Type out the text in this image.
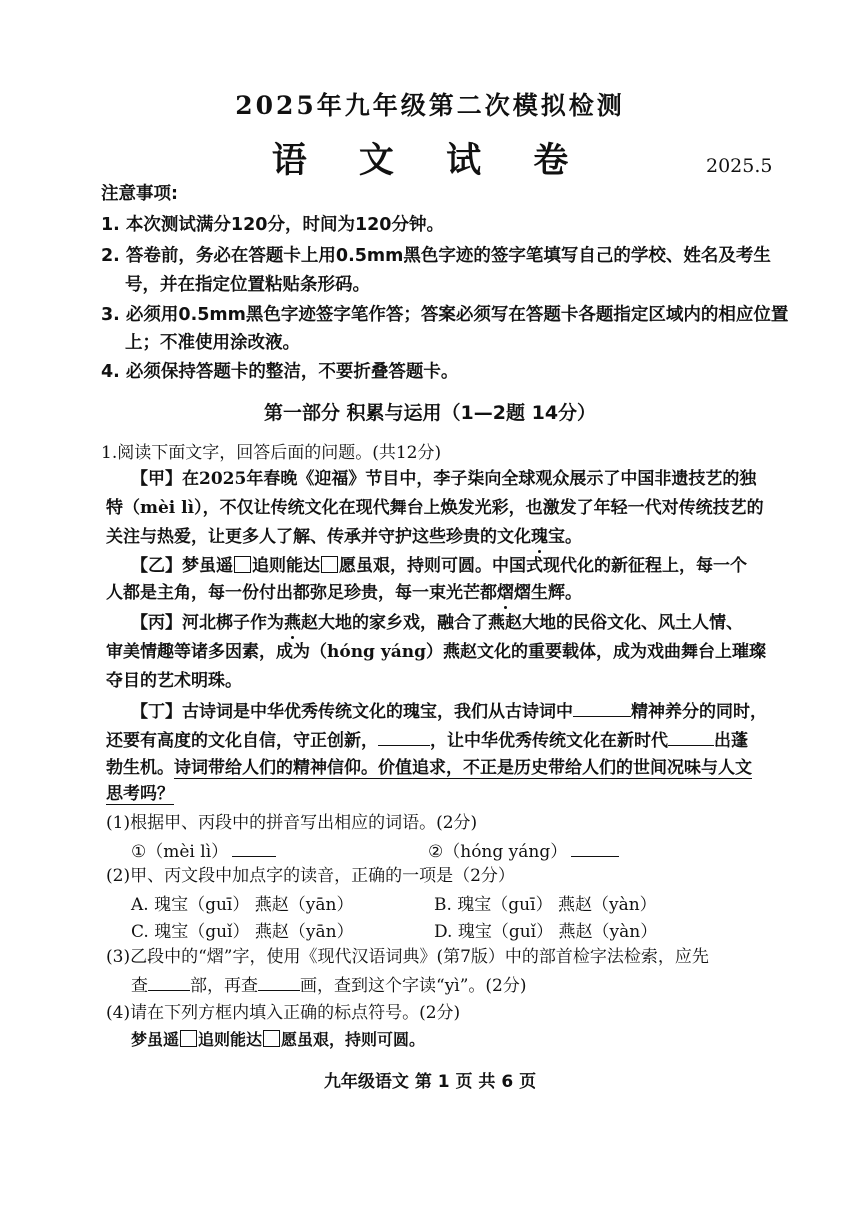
2025年九年级第二次模拟检测
语 文 试 卷	2025.5
注意事项:
1. 本次测试满分120分，时间为120分钟。
2. 答卷前，务必在答题卡上用0.5mm黑色字迹的签字笔填写自己的学校、姓名及考生
号，并在指定位置粘贴条形码。
3. 必须用0.5mm黑色字迹签字笔作答；答案必须写在答题卡各题指定区域内的相应位置
上；不准使用涂改液。
4. 必须保持答题卡的整洁，不要折叠答题卡。
第一部分 积累与运用（1—2题 14分）
1.阅读下面文字，回答后面的问题。(共12分)
【甲】在2025年春晚《迎福》节目中，李子柒向全球观众展示了中国非遗技艺的独
特（mèi lì），不仅让传统文化在现代舞台上焕发光彩，也激发了年轻一代对传统技艺的
关注与热爱，让更多人了解、传承并守护这些珍贵的文化瑰宝。
【乙】梦虽遥 追则能达 愿虽艰，持则可圆。中国式现代化的新征程上，每一个
人都是主角，每一份付出都弥足珍贵，每一束光芒都熠熠生辉。
【丙】河北梆子作为燕赵大地的家乡戏，融合了燕赵大地的民俗文化、风土人情、
审美情趣等诸多因素，成为（hóng yáng）燕赵文化的重要载体，成为戏曲舞台上璀璨
夺目的艺术明珠。
【丁】古诗词是中华优秀传统文化的瑰宝，我们从古诗词中	精神养分的同时，
还要有高度的文化自信，守正创新，	，让中华优秀传统文化在新时代	出蓬
勃生机。诗词带给人们的精神信仰。价值追求，不正是历史带给人们的世间况味与人文
思考吗？
(1)根据甲、丙段中的拼音写出相应的词语。(2分)
①（mèi lì）	②（hóng yáng）
(2)甲、丙文段中加点字的读音，正确的一项是（2分）
A. 瑰宝（guī） 燕赵（yān）	B. 瑰宝（guī） 燕赵（yàn）
C. 瑰宝（guǐ） 燕赵（yān）	D. 瑰宝（guǐ） 燕赵（yàn）
(3)乙段中的“熠”字，使用《现代汉语词典》(第7版）中的部首检字法检索，应先
查 部，再查 画，查到这个字读“yì”。(2分)
(4)请在下列方框内填入正确的标点符号。(2分)
梦虽遥 追则能达 愿虽艰，持则可圆。
九年级语文 第 1 页 共 6 页
